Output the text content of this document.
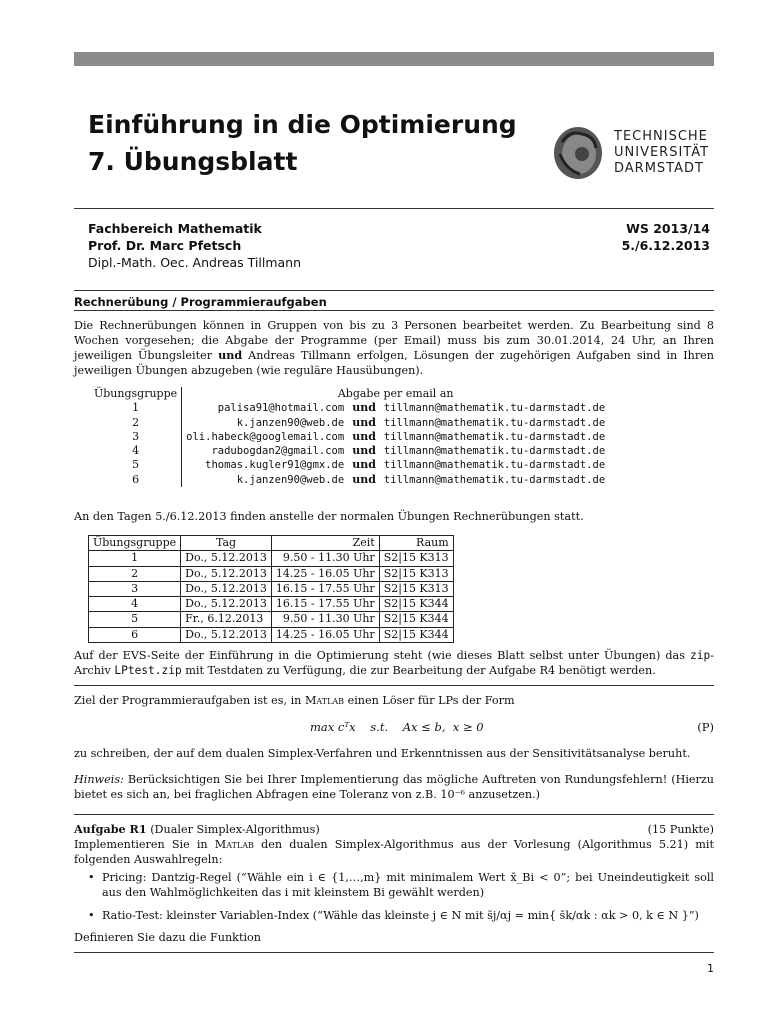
Einführung in die Optimierung
7. Übungsblatt
TECHNISCHE
UNIVERSITÄT
DARMSTADT
Fachbereich Mathematik
Prof. Dr. Marc Pfetsch
Dipl.-Math. Oec. Andreas Tillmann
WS 2013/14
5./6.12.2013
Rechnerübung / Programmieraufgaben
Die Rechnerübungen können in Gruppen von bis zu 3 Personen bearbeitet werden. Zu Bearbeitung sind 8 Wochen vorgesehen; die Abgabe der Programme (per Email) muss bis zum 30.01.2014, 24 Uhr, an Ihren jeweiligen Übungsleiter und Andreas Tillmann erfolgen, Lösungen der zugehörigen Aufgaben sind in Ihren jeweiligen Übungen abzugeben (wie reguläre Hausübungen).
Übungsgruppe	Abgabe per email an		
1	palisa91@hotmail.com	und	tillmann@mathematik.tu-darmstadt.de
2	k.janzen90@web.de	und	tillmann@mathematik.tu-darmstadt.de
3	oli.habeck@googlemail.com	und	tillmann@mathematik.tu-darmstadt.de
4	radubogdan2@gmail.com	und	tillmann@mathematik.tu-darmstadt.de
5	thomas.kugler91@gmx.de	und	tillmann@mathematik.tu-darmstadt.de
6	k.janzen90@web.de	und	tillmann@mathematik.tu-darmstadt.de
An den Tagen 5./6.12.2013 finden anstelle der normalen Übungen Rechnerübungen statt.
Übungsgruppe	Tag	Zeit	Raum
1	Do., 5.12.2013	9.50 - 11.30 Uhr	S2|15 K313
2	Do., 5.12.2013	14.25 - 16.05 Uhr	S2|15 K313
3	Do., 5.12.2013	16.15 - 17.55 Uhr	S2|15 K313
4	Do., 5.12.2013	16.15 - 17.55 Uhr	S2|15 K344
5	Fr., 6.12.2013	9.50 - 11.30 Uhr	S2|15 K344
6	Do., 5.12.2013	14.25 - 16.05 Uhr	S2|15 K344
Auf der EVS-Seite der Einführung in die Optimierung steht (wie dieses Blatt selbst unter Übungen) das zip-Archiv LPtest.zip mit Testdaten zu Verfügung, die zur Bearbeitung der Aufgabe R4 benötigt werden.
Ziel der Programmieraufgaben ist es, in Matlab einen Löser für LPs der Form
max cᵀx    s.t.    Ax ≤ b,  x ≥ 0	(P)
zu schreiben, der auf dem dualen Simplex-Verfahren und Erkenntnissen aus der Sensitivitätsanalyse beruht.
Hinweis: Berücksichtigen Sie bei Ihrer Implementierung das mögliche Auftreten von Rundungsfehlern! (Hierzu bietet es sich an, bei fraglichen Abfragen eine Toleranz von z.B. 10⁻⁶ anzusetzen.)
Aufgabe R1 (Dualer Simplex-Algorithmus)	(15 Punkte)
Implementieren Sie in Matlab den dualen Simplex-Algorithmus aus der Vorlesung (Algorithmus 5.21) mit folgenden Auswahlregeln:
• Pricing: Dantzig-Regel (“Wähle ein i ∈ {1,…,m} mit minimalem Wert x̄_Bi < 0”; bei Uneindeutigkeit soll aus den Wahlmöglichkeiten das i mit kleinstem Bi gewählt werden)
• Ratio-Test: kleinster Variablen-Index (“Wähle das kleinste j ∈ N mit s̄j/αj = min{ s̄k/αk : αk > 0, k ∈ N }”)
Definieren Sie dazu die Funktion
1
